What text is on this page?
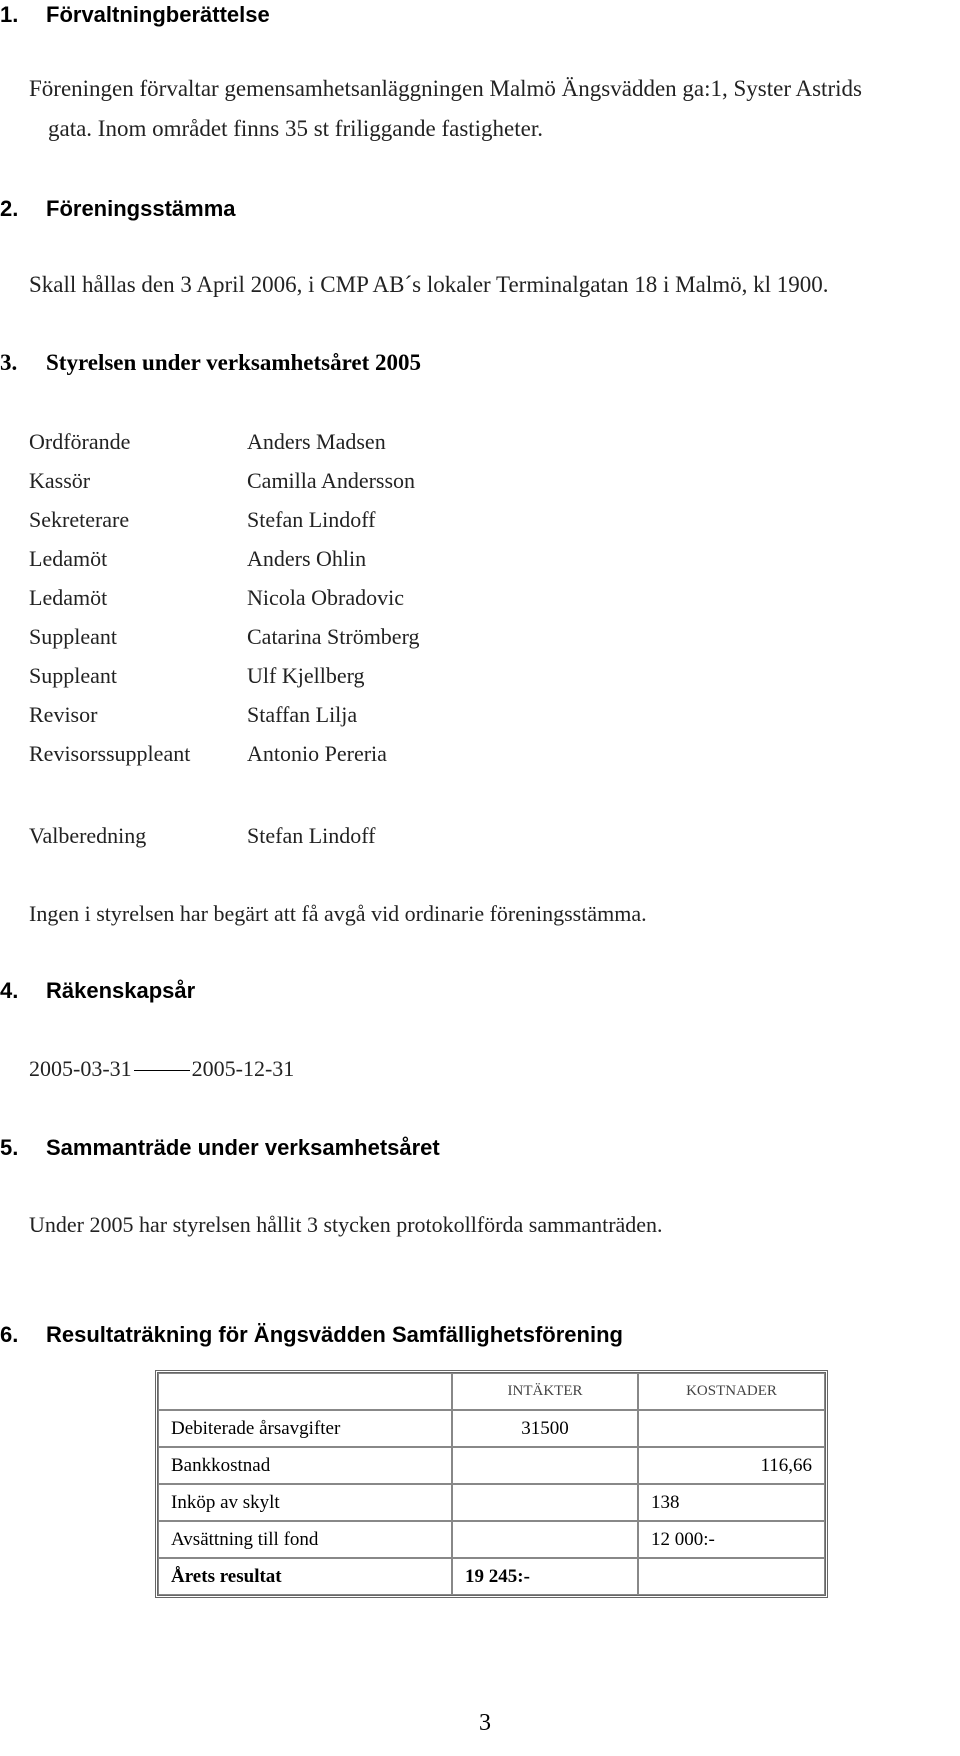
1. Förvaltningberättelse
Föreningen förvaltar gemensamhetsanläggningen Malmö Ängsvädden ga:1, Syster Astrids
gata. Inom området finns 35 st friliggande fastigheter.
2. Föreningsstämma
Skall hållas den 3 April 2006, i CMP AB´s lokaler Terminalgatan 18 i Malmö, kl 1900.
3. Styrelsen under verksamhetsåret 2005
Ordförande	Anders Madsen
Kassör	Camilla Andersson
Sekreterare	Stefan Lindoff
Ledamöt	Anders Ohlin
Ledamöt	Nicola Obradovic
Suppleant	Catarina Strömberg
Suppleant	Ulf Kjellberg
Revisor	Staffan Lilja
Revisorssuppleant	Antonio Pereria
Valberedning	Stefan Lindoff
Ingen i styrelsen har begärt att få avgå vid ordinarie föreningsstämma.
4. Räkenskapsår
2005-03-31	2005-12-31
5. Sammanträde under verksamhetsåret
Under 2005 har styrelsen hållit 3 stycken protokollförda sammanträden.
6. Resultaträkning för Ängsvädden Samfällighetsförening
	INTÄKTER	KOSTNADER
Debiterade årsavgifter	31500	
Bankkostnad		116,66
Inköp av skylt		138
Avsättning till fond		12 000:-
Årets resultat	19 245:-	
3
